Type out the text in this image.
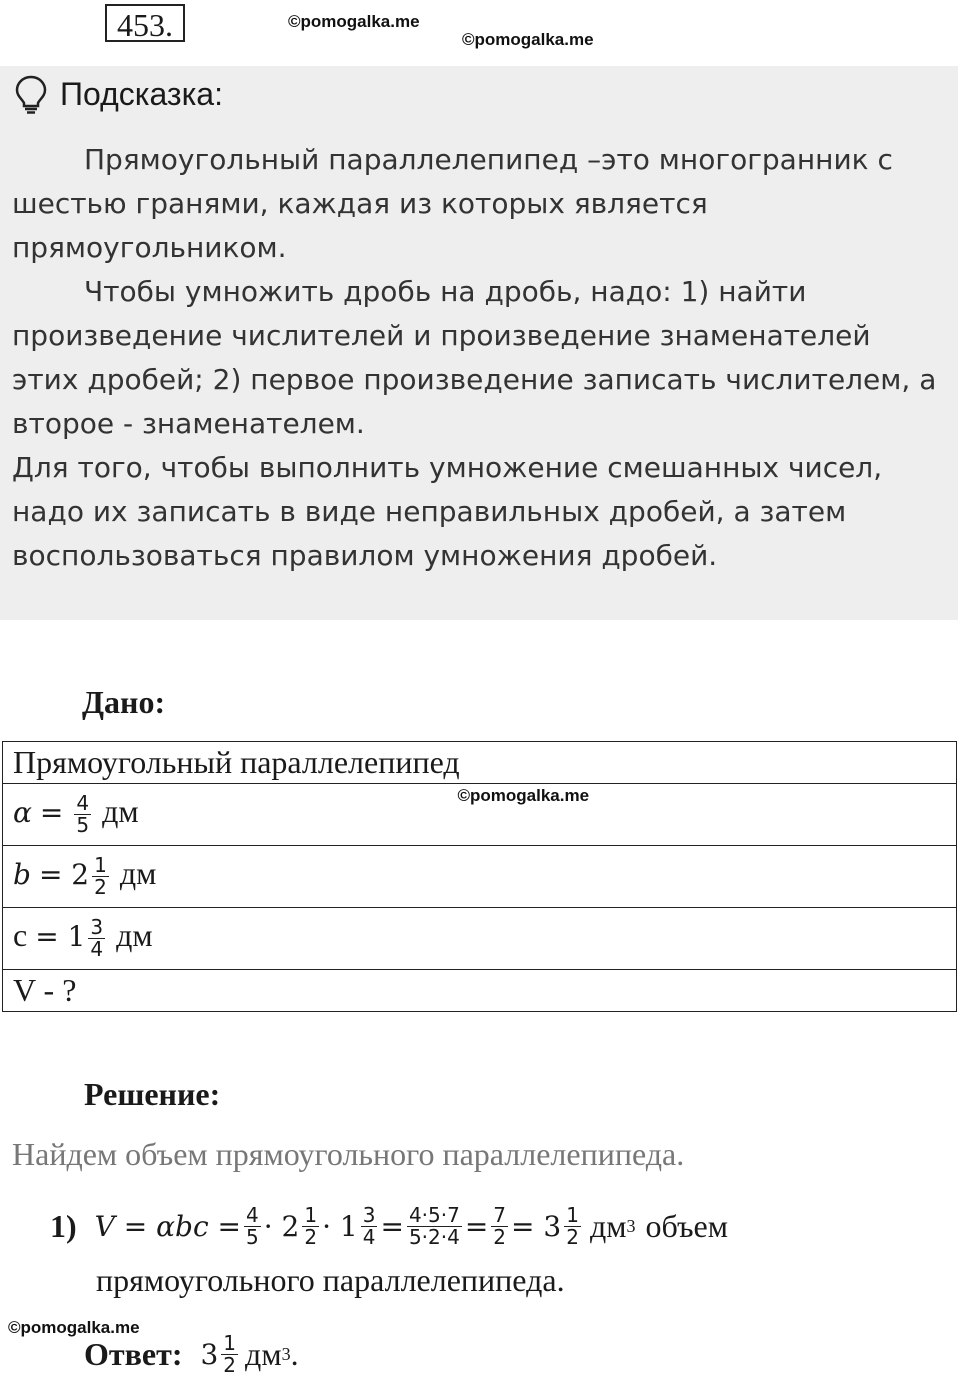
453.	©pomogalka.me
©pomogalka.me
Подсказка:

Прямоугольный параллелепипед –это многогранник с шестью гранями, каждая из которых является прямоугольником.

Чтобы умножить дробь на дробь, надо: 1) найти произведение числителей и произведение знаменателей этих дробей; 2) первое произведение записать числителем, а второе - знаменателем.

Для того, чтобы выполнить умножение смешанных чисел, надо их записать в виде неправильных дробей, а затем воспользоваться правилом умножения дробей.

Дано:
Прямоугольный параллелепипед
$\alpha = \frac{4}{5}$ дм	©pomogalka.me

$b = 2 \frac{1}{2}$ дм
$c = 1 \frac{3}{4}$ дм
V - ?
Решение:
Найдем объем прямоугольного параллелепипеда.
1) $V = \alpha bc = \frac{4}{5} \cdot 2 \frac{1}{2} \cdot 1 \frac{3}{4} = \frac{4\cdot 5\cdot 7}{5\cdot 2\cdot 4} = \frac{7}{2} = 3 \frac{1}{2}$ дм 3 объем
прямоугольного параллелепипеда.
©pomogalka.me
Ответ: $3 \frac{1}{2}$ дм 3 .
